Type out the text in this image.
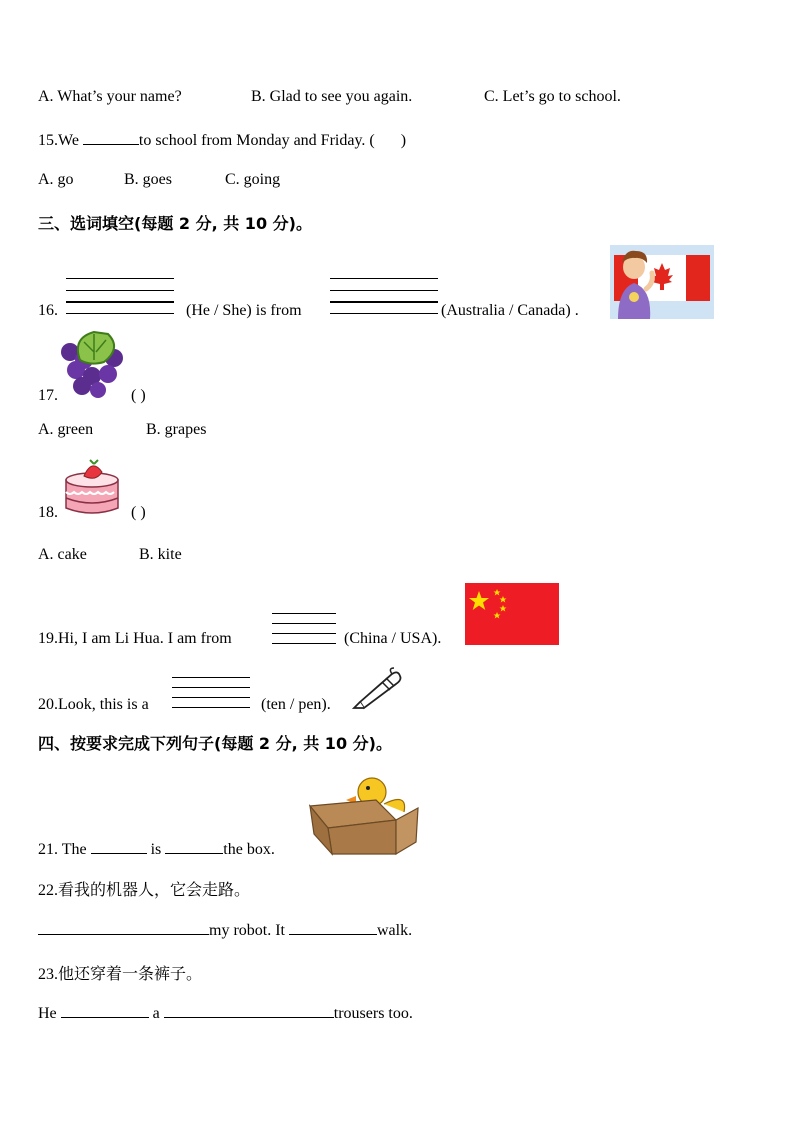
A. What’s your name?	B. Glad to see you again.	C. Let’s go to school.
15.We	to school from Monday and Friday. ( )
A. go	B. goes	C. going
三、选词填空(每题 2 分, 共 10 分)。
16.	(He / She) is from	(Australia / Canada) .
17.	( )
A. green	B. grapes
18.	( )
A. cake	B. kite
19.Hi, I am Li Hua. I am from	(China / USA).
20.Look, this is a	(ten / pen).
四、按要求完成下列句子(每题 2 分, 共 10 分)。
21. The	is	the box.
22.看我的机器人，它会走路。
my robot. It	walk.
23.他还穿着一条裤子。
He	a	trousers too.
